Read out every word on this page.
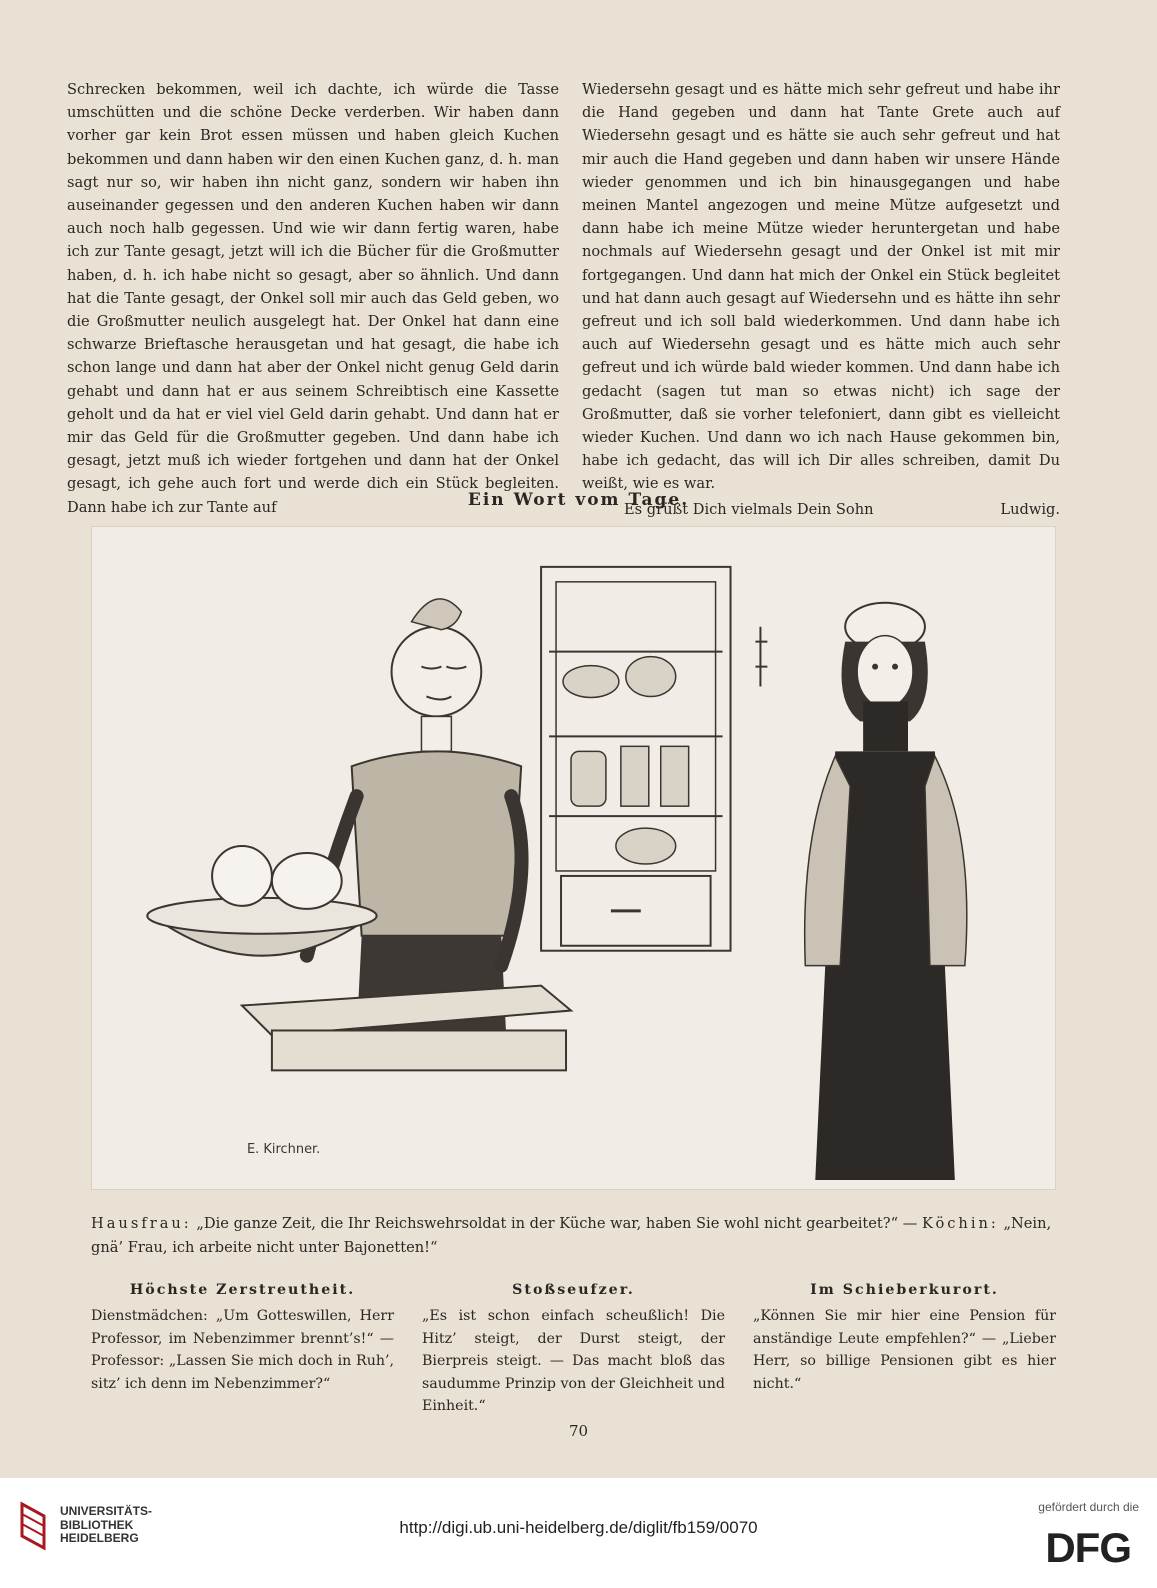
Schrecken bekommen, weil ich dachte, ich würde die Tasse umschütten und die schöne Decke verderben. Wir haben dann vorher gar kein Brot essen müssen und haben gleich Kuchen bekommen und dann haben wir den einen Kuchen ganz, d. h. man sagt nur so, wir haben ihn nicht ganz, sondern wir haben ihn auseinander gegessen und den anderen Kuchen haben wir dann auch noch halb gegessen. Und wie wir dann fertig waren, habe ich zur Tante gesagt, jetzt will ich die Bücher für die Großmutter haben, d. h. ich habe nicht so gesagt, aber so ähnlich. Und dann hat die Tante gesagt, der Onkel soll mir auch das Geld geben, wo die Großmutter neulich ausgelegt hat. Der Onkel hat dann eine schwarze Brieftasche herausgetan und hat gesagt, die habe ich schon lange und dann hat aber der Onkel nicht genug Geld darin gehabt und dann hat er aus seinem Schreibtisch eine Kassette geholt und da hat er viel viel Geld darin gehabt. Und dann hat er mir das Geld für die Großmutter gegeben. Und dann habe ich gesagt, jetzt muß ich wieder fortgehen und dann hat der Onkel gesagt, ich gehe auch fort und werde dich ein Stück begleiten. Dann habe ich zur Tante auf

Wiedersehn gesagt und es hätte mich sehr gefreut und habe ihr die Hand gegeben und dann hat Tante Grete auch auf Wiedersehn gesagt und es hätte sie auch sehr gefreut und hat mir auch die Hand gegeben und dann haben wir unsere Hände wieder genommen und ich bin hinausgegangen und habe meinen Mantel angezogen und meine Mütze aufgesetzt und dann habe ich meine Mütze wieder heruntergetan und habe nochmals auf Wiedersehn gesagt und der Onkel ist mit mir fortgegangen. Und dann hat mich der Onkel ein Stück begleitet und hat dann auch gesagt auf Wiedersehn und es hätte ihn sehr gefreut und ich soll bald wiederkommen. Und dann habe ich auch auf Wiedersehn gesagt und es hätte mich auch sehr gefreut und ich würde bald wieder kommen. Und dann habe ich gedacht (sagen tut man so etwas nicht) ich sage der Großmutter, daß sie vorher telefoniert, dann gibt es vielleicht wieder Kuchen. Und dann wo ich nach Hause gekommen bin, habe ich gedacht, das will ich Dir alles schreiben, damit Du weißt, wie es war.

Es grüßt Dich vielmals Dein Sohn	Ludwig.
Ein Wort vom Tage.
E. Kirchner.
Hausfrau: „Die ganze Zeit, die Ihr Reichswehrsoldat in der Küche war, haben Sie wohl nicht gearbeitet?“ — Köchin: „Nein, gnä’ Frau, ich arbeite nicht unter Bajonetten!“
Höchste Zerstreutheit.

Dienstmädchen: „Um Gotteswillen, Herr Professor, im Nebenzimmer brennt’s!“ — Professor: „Lassen Sie mich doch in Ruh’, sitz’ ich denn im Nebenzimmer?“

Stoßseufzer.

„Es ist schon einfach scheußlich! Die Hitz’ steigt, der Durst steigt, der Bierpreis steigt. — Das macht bloß das saudumme Prinzip von der Gleichheit und Einheit.“

Im Schieberkurort.

„Können Sie mir hier eine Pension für anständige Leute empfehlen?“ — „Lieber Herr, so billige Pensionen gibt es hier nicht.“

70
UNIVERSITÄTS-
BIBLIOTHEK
HEIDELBERG
http://digi.ub.uni-heidelberg.de/diglit/fb159/0070
gefördert durch die
DFG
